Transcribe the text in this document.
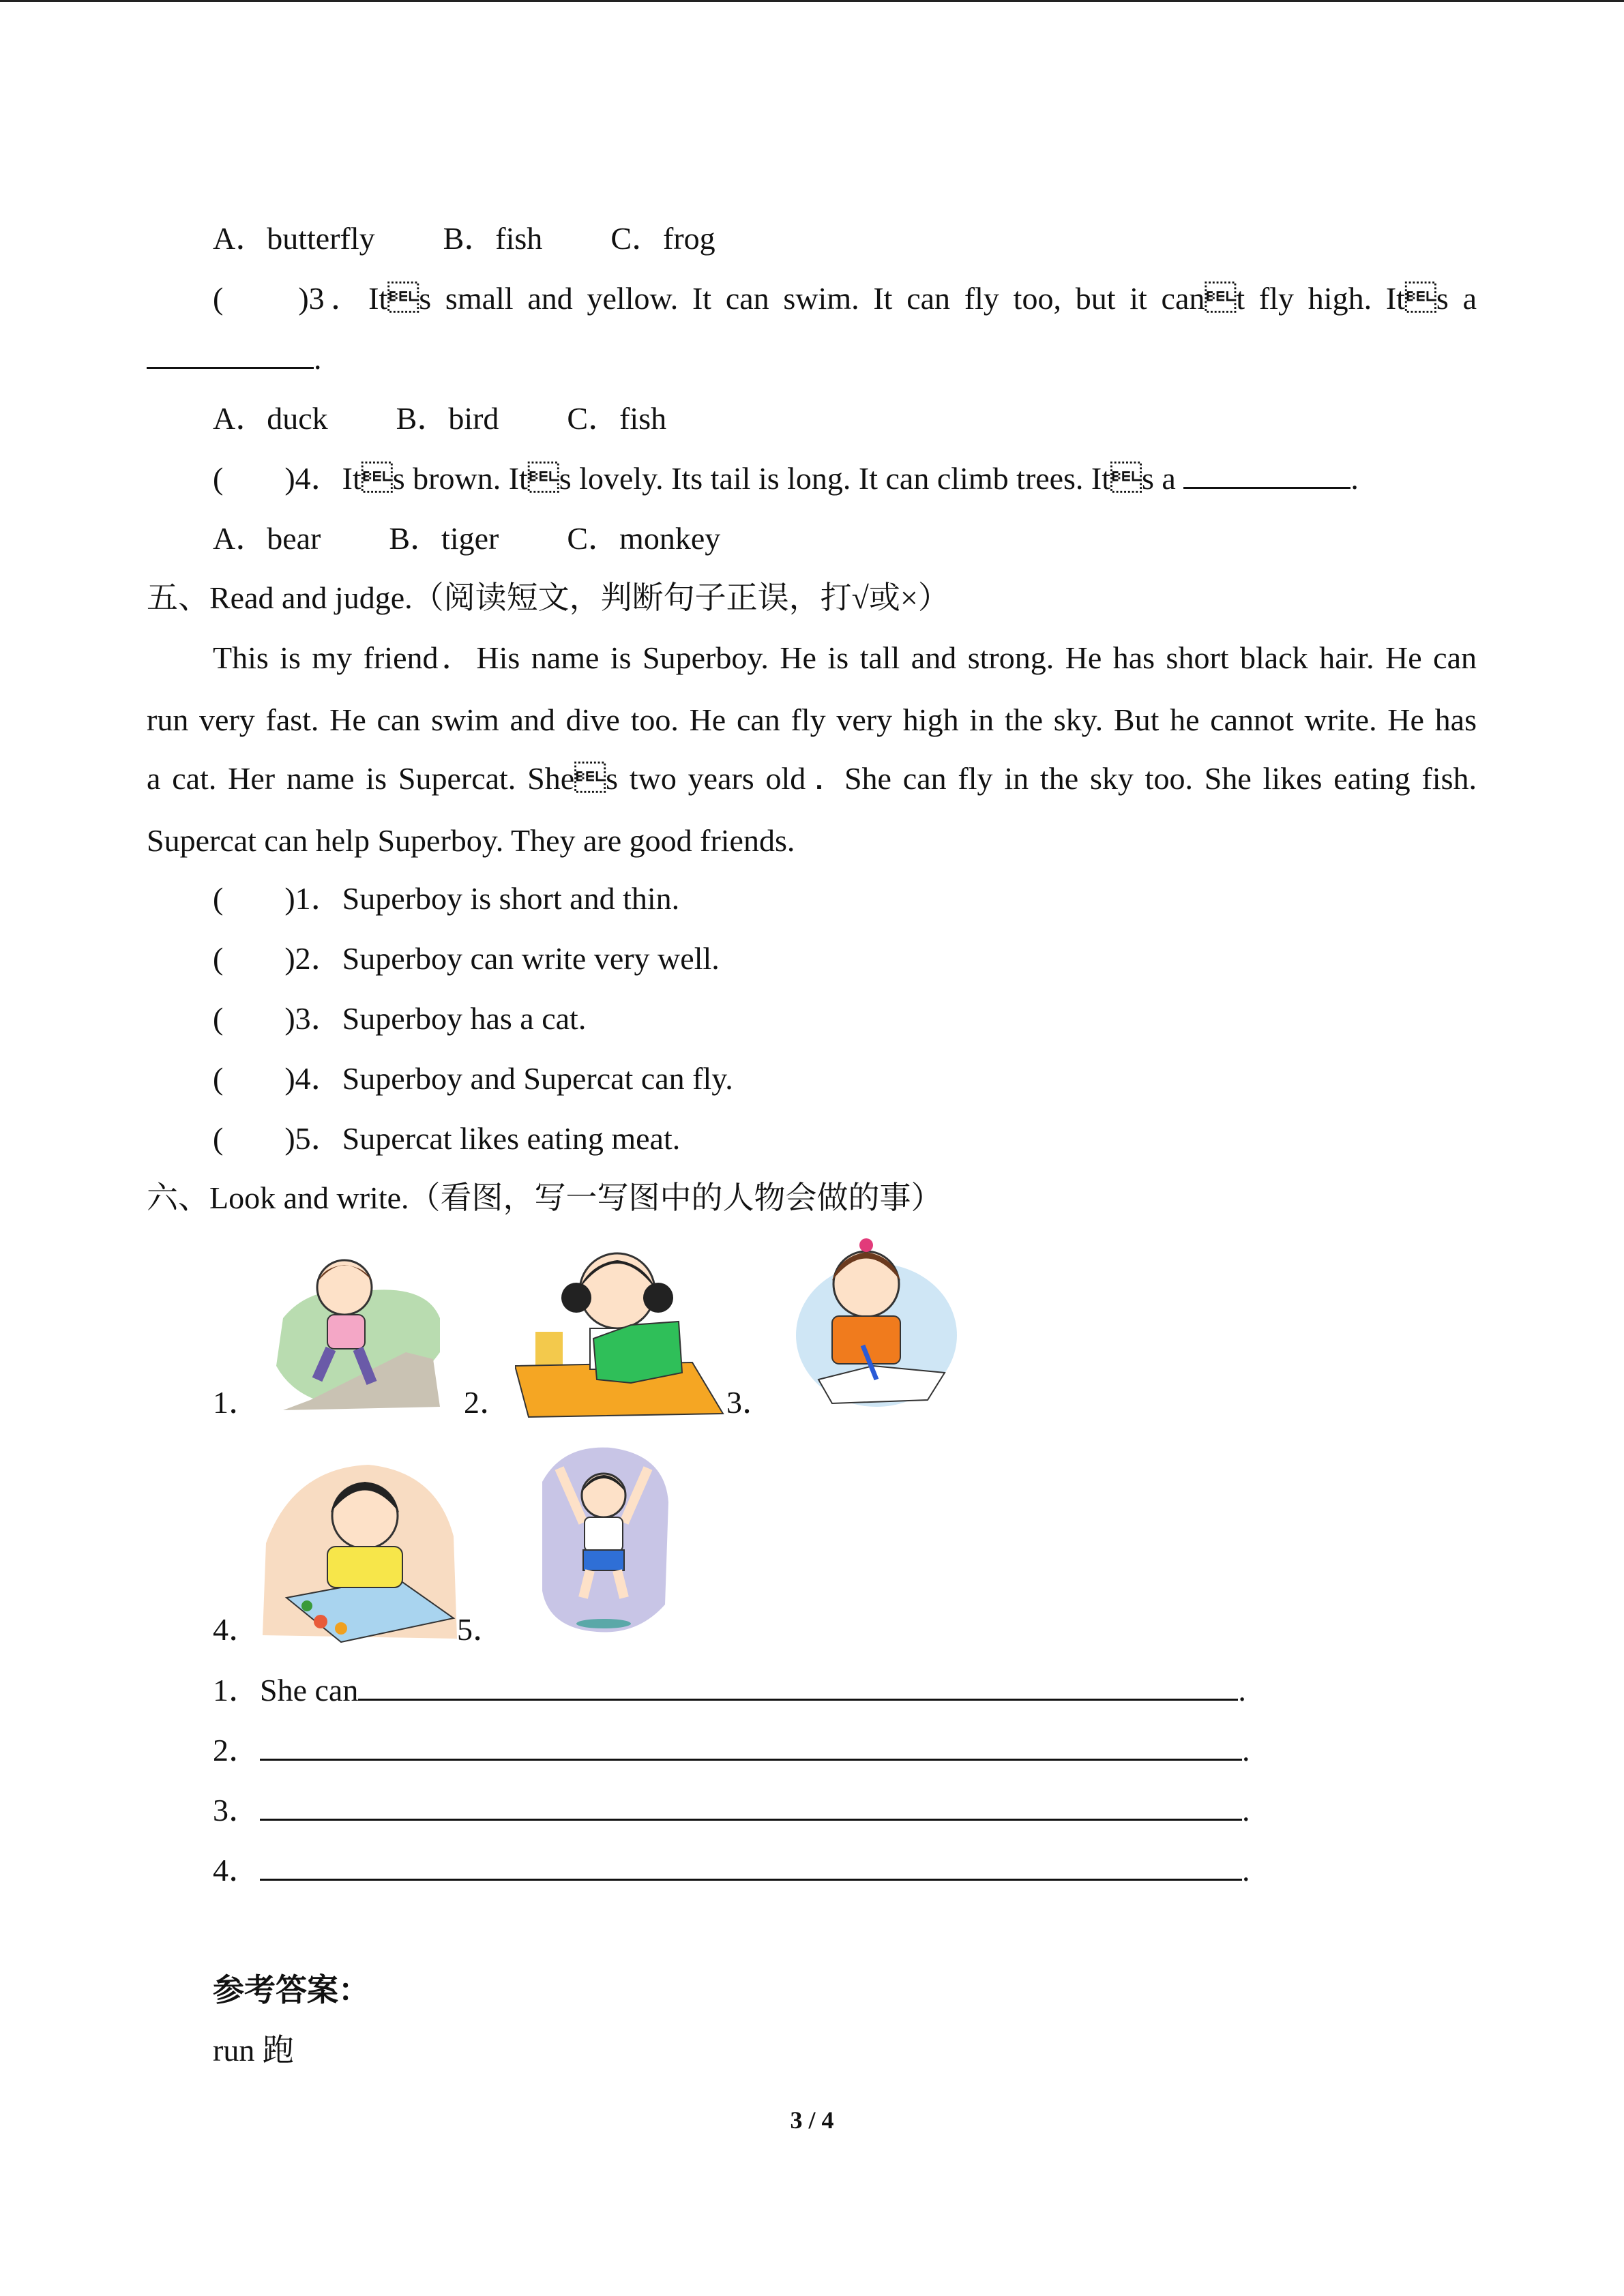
A．butterfly B．fish C．frog
( )3．Its small and yellow. It can swim. It can fly too, but it cant fly high. Its a
.
A．duck B．bird C．fish
( )4．Its brown. Its lovely. Its tail is long. It can climb trees. Its a	.
A．bear B．tiger C．monkey
五、Read and judge.（阅读短文，判断句子正误，打√或×）
This is my friend．His name is Superboy. He is tall and strong. He has short black hair. He can
run very fast. He can swim and dive too. He can fly very high in the sky. But he cannot write. He has
a cat. Her name is Supercat. Shes two years old．She can fly in the sky too. She likes eating fish.
Supercat can help Superboy. They are good friends.
( )1．Superboy is short and thin.
( )2．Superboy can write very well.
( )3．Superboy has a cat.
( )4．Superboy and Supercat can fly.
( )5．Supercat likes eating meat.
六、Look and write.（看图，写一写图中的人物会做的事）
1．	2．	3．
4．	5．
1．She can	.
2．	.
3．	.
4．	.
参考答案：
run 跑
3 / 4
